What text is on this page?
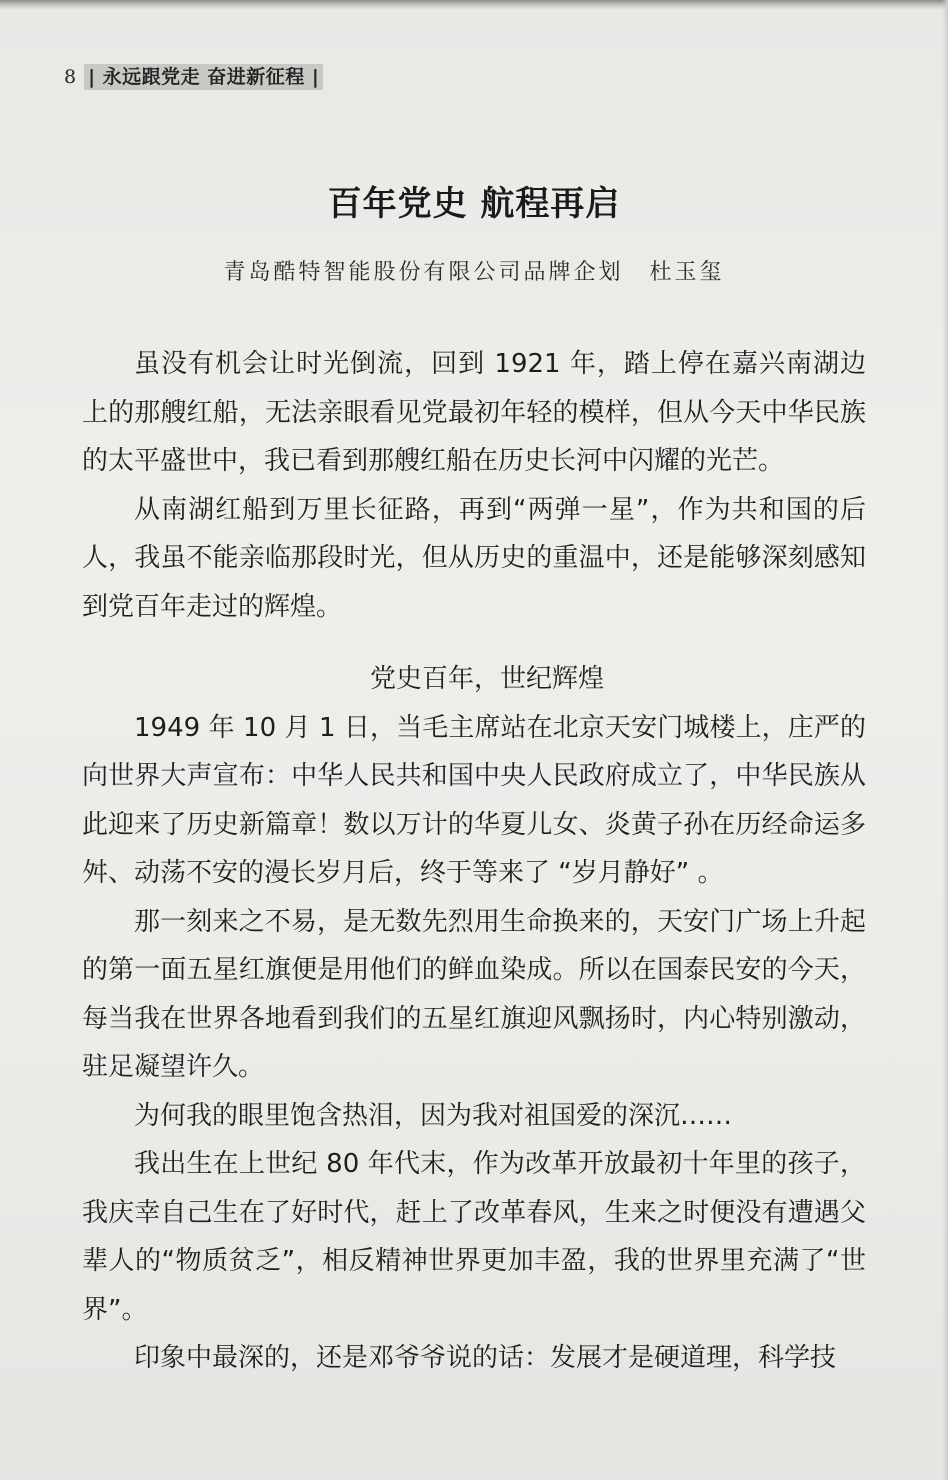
8 | 永远跟党走 奋进新征程 |
百年党史 航程再启
青岛酷特智能股份有限公司品牌企划 杜玉玺

虽没有机会让时光倒流，回到 1921 年，踏上停在嘉兴南湖边上的那艘红船，无法亲眼看见党最初年轻的模样，但从今天中华民族的太平盛世中，我已看到那艘红船在历史长河中闪耀的光芒。

从南湖红船到万里长征路，再到“两弹一星”，作为共和国的后人，我虽不能亲临那段时光，但从历史的重温中，还是能够深刻感知到党百年走过的辉煌。

党史百年，世纪辉煌

1949 年 10 月 1 日，当毛主席站在北京天安门城楼上，庄严的向世界大声宣布：中华人民共和国中央人民政府成立了，中华民族从此迎来了历史新篇章！数以万计的华夏儿女、炎黄子孙在历经命运多舛、动荡不安的漫长岁月后，终于等来了 “岁月静好” 。

那一刻来之不易，是无数先烈用生命换来的，天安门广场上升起的第一面五星红旗便是用他们的鲜血染成。所以在国泰民安的今天，每当我在世界各地看到我们的五星红旗迎风飘扬时，内心特别激动，驻足凝望许久。

为何我的眼里饱含热泪，因为我对祖国爱的深沉……

我出生在上世纪 80 年代末，作为改革开放最初十年里的孩子，我庆幸自己生在了好时代，赶上了改革春风，生来之时便没有遭遇父辈人的“物质贫乏”，相反精神世界更加丰盈，我的世界里充满了“世界”。

印象中最深的，还是邓爷爷说的话：发展才是硬道理，科学技
